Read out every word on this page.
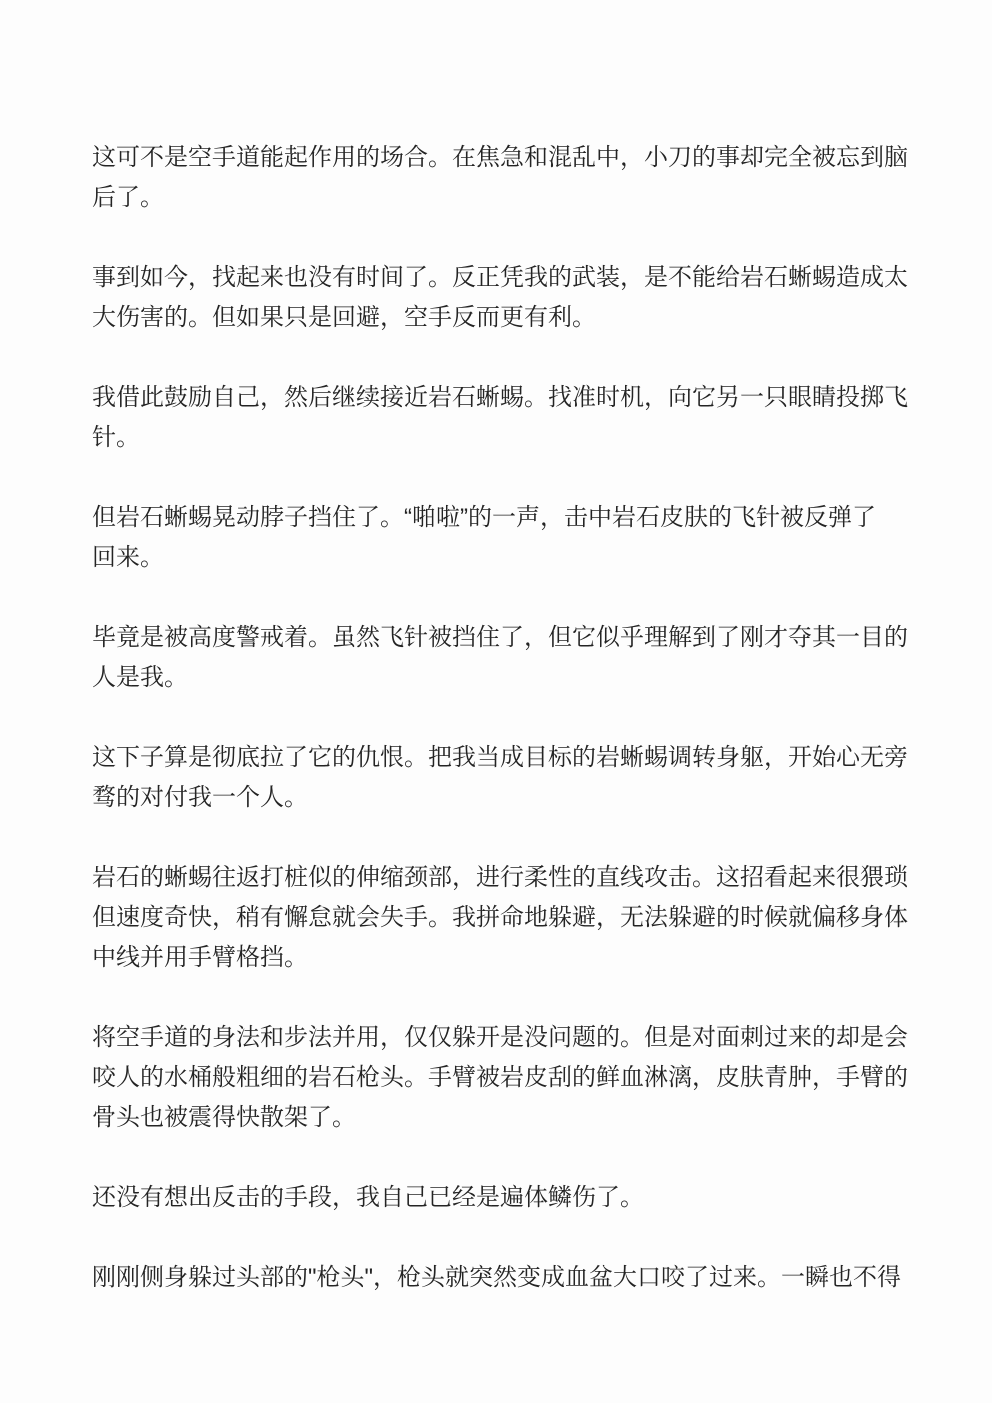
这可不是空手道能起作用的场合。在焦急和混乱中，小刀的事却完全被忘到脑
后了。

事到如今，找起来也没有时间了。反正凭我的武装，是不能给岩石蜥蜴造成太
大伤害的。但如果只是回避，空手反而更有利。

我借此鼓励自己，然后继续接近岩石蜥蜴。找准时机，向它另一只眼睛投掷飞
针。

但岩石蜥蜴晃动脖子挡住了。“啪啦”的一声，击中岩石皮肤的飞针被反弹了
回来。

毕竟是被高度警戒着。虽然飞针被挡住了，但它似乎理解到了刚才夺其一目的
人是我。

这下子算是彻底拉了它的仇恨。把我当成目标的岩蜥蜴调转身躯，开始心无旁
骛的对付我一个人。

岩石的蜥蜴往返打桩似的伸缩颈部，进行柔性的直线攻击。这招看起来很猥琐
但速度奇快，稍有懈怠就会失手。我拼命地躲避，无法躲避的时候就偏移身体
中线并用手臂格挡。

将空手道的身法和步法并用，仅仅躲开是没问题的。但是对面刺过来的却是会
咬人的水桶般粗细的岩石枪头。手臂被岩皮刮的鲜血淋漓，皮肤青肿，手臂的
骨头也被震得快散架了。

还没有想出反击的手段，我自己已经是遍体鳞伤了。

刚刚侧身躲过头部的"枪头"，枪头就突然变成血盆大口咬了过来。一瞬也不得
